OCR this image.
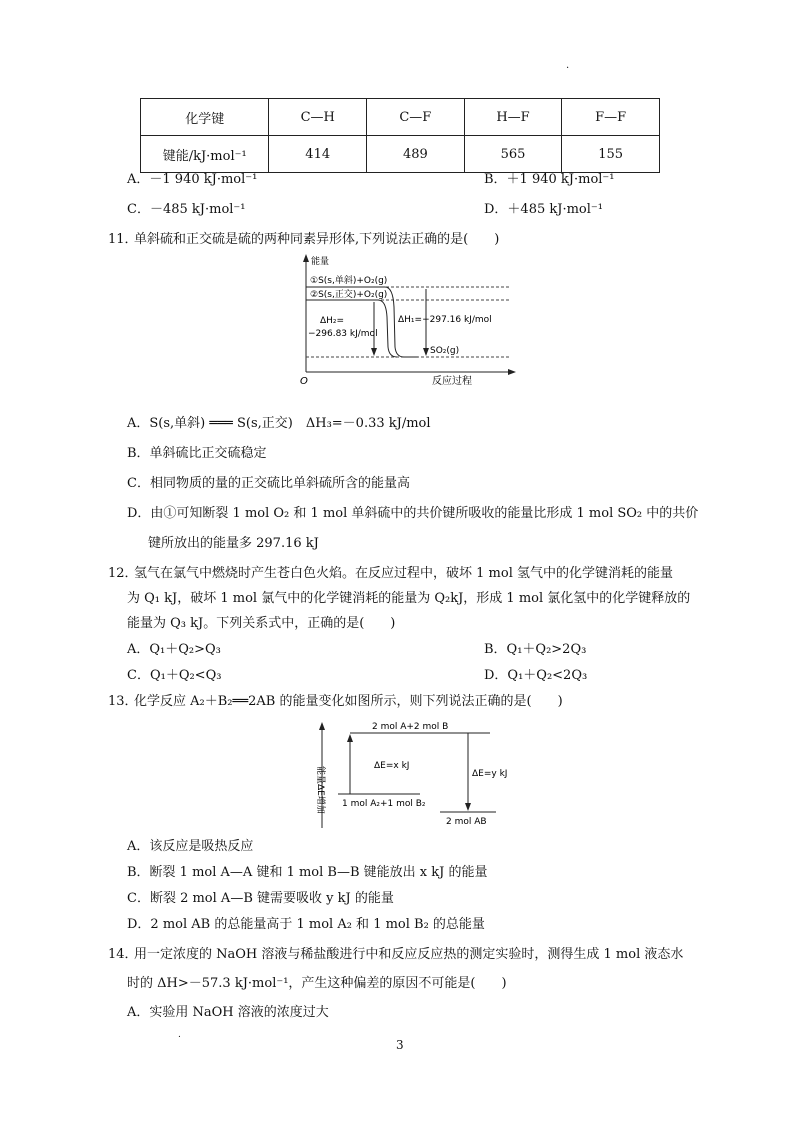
.
化学键	C—H	C—F	H—F	F—F
键能/kJ·mol⁻¹	414	489	565	155
A．－1 940 kJ·mol⁻¹	B．＋1 940 kJ·mol⁻¹
C．－485 kJ·mol⁻¹	D．＋485 kJ·mol⁻¹
11．
单斜硫和正交硫是硫的两种同素异形体,下列说法正确的是(　　)
能量
①S(s,单斜)+O₂(g)
②S(s,正交)+O₂(g)
ΔH₂=
−296.83 kJ/mol
ΔH₁=−297.16 kJ/mol
SO₂(g)
O	反应过程
A．S(s,单斜) ═══ S(s,正交)　ΔH₃=－0.33 kJ/mol
B．单斜硫比正交硫稳定
C．相同物质的量的正交硫比单斜硫所含的能量高
D．由①可知断裂 1 mol O₂ 和 1 mol 单斜硫中的共价键所吸收的能量比形成 1 mol SO₂ 中的共价
键所放出的能量多 297.16 kJ
12．
氢气在氯气中燃烧时产生苍白色火焰。在反应过程中，破坏 1 mol 氢气中的化学键消耗的能量
为 Q₁ kJ，破坏 1 mol 氯气中的化学键消耗的能量为 Q₂kJ，形成 1 mol 氯化氢中的化学键释放的
能量为 Q₃ kJ。下列关系式中，正确的是(　　)
A．Q₁＋Q₂>Q₃	B．Q₁＋Q₂>2Q₃
C．Q₁＋Q₂<Q₃	D．Q₁＋Q₂<2Q₃
13．
化学反应 A₂＋B₂══2AB 的能量变化如图所示，则下列说法正确的是(　　)
能量ΔE增加
2 mol A+2 mol B
ΔE=x kJ
ΔE=y kJ
1 mol A₂+1 mol B₂
2 mol AB
A．该反应是吸热反应
B．断裂 1 mol A—A 键和 1 mol B—B 键能放出 x kJ 的能量
C．断裂 2 mol A—B 键需要吸收 y kJ 的能量
D．2 mol AB 的总能量高于 1 mol A₂ 和 1 mol B₂ 的总能量
14．
用一定浓度的 NaOH 溶液与稀盐酸进行中和反应反应热的测定实验时，测得生成 1 mol 液态水
时的 ΔH>－57.3 kJ·mol⁻¹，产生这种偏差的原因不可能是(　　)
A．实验用 NaOH 溶液的浓度过大
.
3
